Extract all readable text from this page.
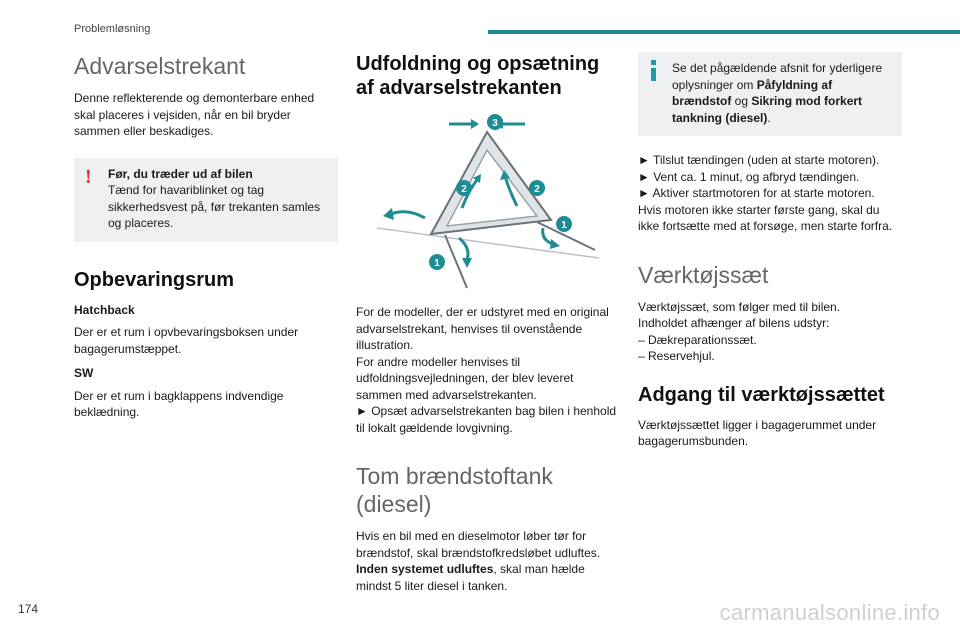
Problemløsning
Advarselstrekant

Denne reflekterende og demonterbare enhed skal placeres i vejsiden, når en bil bryder sammen eller beskadiges.

!	Før, du træder ud af bilen
Tænd for havariblinket og tag sikkerhedsvest på, før trekanten samles og placeres.
Opbevaringsrum
Hatchback

Der er et rum i opvbevaringsboksen under bagagerumstæppet.

SW

Der er et rum i bagklappens indvendige beklædning.

Udfoldning og opsætning af advarselstrekanten
3
2	2
1
1

For de modeller, der er udstyret med en original advarselstrekant, henvises til ovenstående illustration.

For andre modeller henvises til udfoldningsvejledningen, der blev leveret sammen med advarselstrekanten.

► Opsæt advarselstrekanten bag bilen i henhold til lokalt gældende lovgivning.

Tom brændstoftank (diesel)

Hvis en bil med en dieselmotor løber tør for brændstof, skal brændstofkredsløbet udluftes. Inden systemet udluftes, skal man hælde mindst 5 liter diesel i tanken.

Se det pågældende afsnit for yderligere oplysninger om Påfyldning af brændstof og Sikring mod forkert tankning (diesel).
► Tilslut tændingen (uden at starte motoren).
► Vent ca. 1 minut, og afbryd tændingen.
► Aktiver startmotoren for at starte motoren.

Hvis motoren ikke starter første gang, skal du ikke fortsætte med at forsøge, men starte forfra.

Værktøjssæt
Værktøjssæt, som følger med til bilen.
Indholdet afhænger af bilens udstyr:
– Dækreparationssæt.
– Reservehjul.
Adgang til værktøjssættet

Værktøjssættet ligger i bagagerummet under bagagerumsbunden.

174	carmanualsonline.info
